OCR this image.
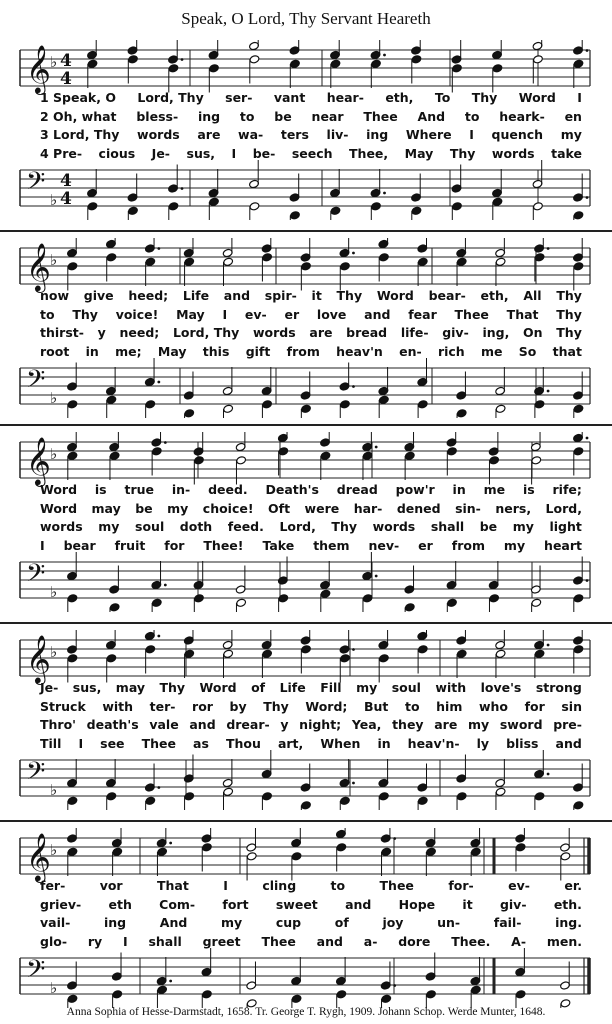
Speak, O Lord, Thy Servant Heareth
𝄞 ♭ 4
4
𝄢 ♭
4
4
1 Speak, O Lord, Thy ser- vant hear- eth, To Thy Word I
2 Oh, what bless- ing to be near Thee And to heark- en
3 Lord, Thy words are wa- ters liv- ing Where I quench my
4 Pre- cious Je- sus, I be- seech Thee, May Thy words take
𝄞 ♭
𝄢 ♭
now give heed; Life and spir- it Thy Word bear- eth, All Thy
to Thy voice! May I ev- er love and fear Thee That Thy
thirst- y need; Lord, Thy words are bread life- giv- ing, On Thy
root in me; May this gift from heav'n en- rich me So that
𝄞 ♭
𝄢 ♭
Word is true in- deed. Death's dread pow'r in me is rife;
Word may be my choice! Oft were har- dened sin- ners, Lord,
words my soul doth feed. Lord, Thy words shall be my light
I bear fruit for Thee! Take them nev- er from my heart
𝄞 ♭
𝄢 ♭
Je- sus, may Thy Word of Life Fill my soul with love's strong
Struck with ter- ror by Thy Word; But to him who for sin
Thro' death's vale and drear- y night; Yea, they are my sword pre-
Till I see Thee as Thou art, When in heav'n- ly bliss and
𝄞 ♭
𝄢 ♭
fer-	vor	That	I	cling	to	Thee	for-	ev-	er.
griev- eth Com- fort sweet and Hope it giv- eth.
vail-	ing	And	my	cup	of	joy	un-	fail-	ing.
glo- ry I shall greet Thee and a- dore Thee. A- men.
Anna Sophia of Hesse-Darmstadt, 1658. Tr. George T. Rygh, 1909. Johann Schop. Werde Munter, 1648.
